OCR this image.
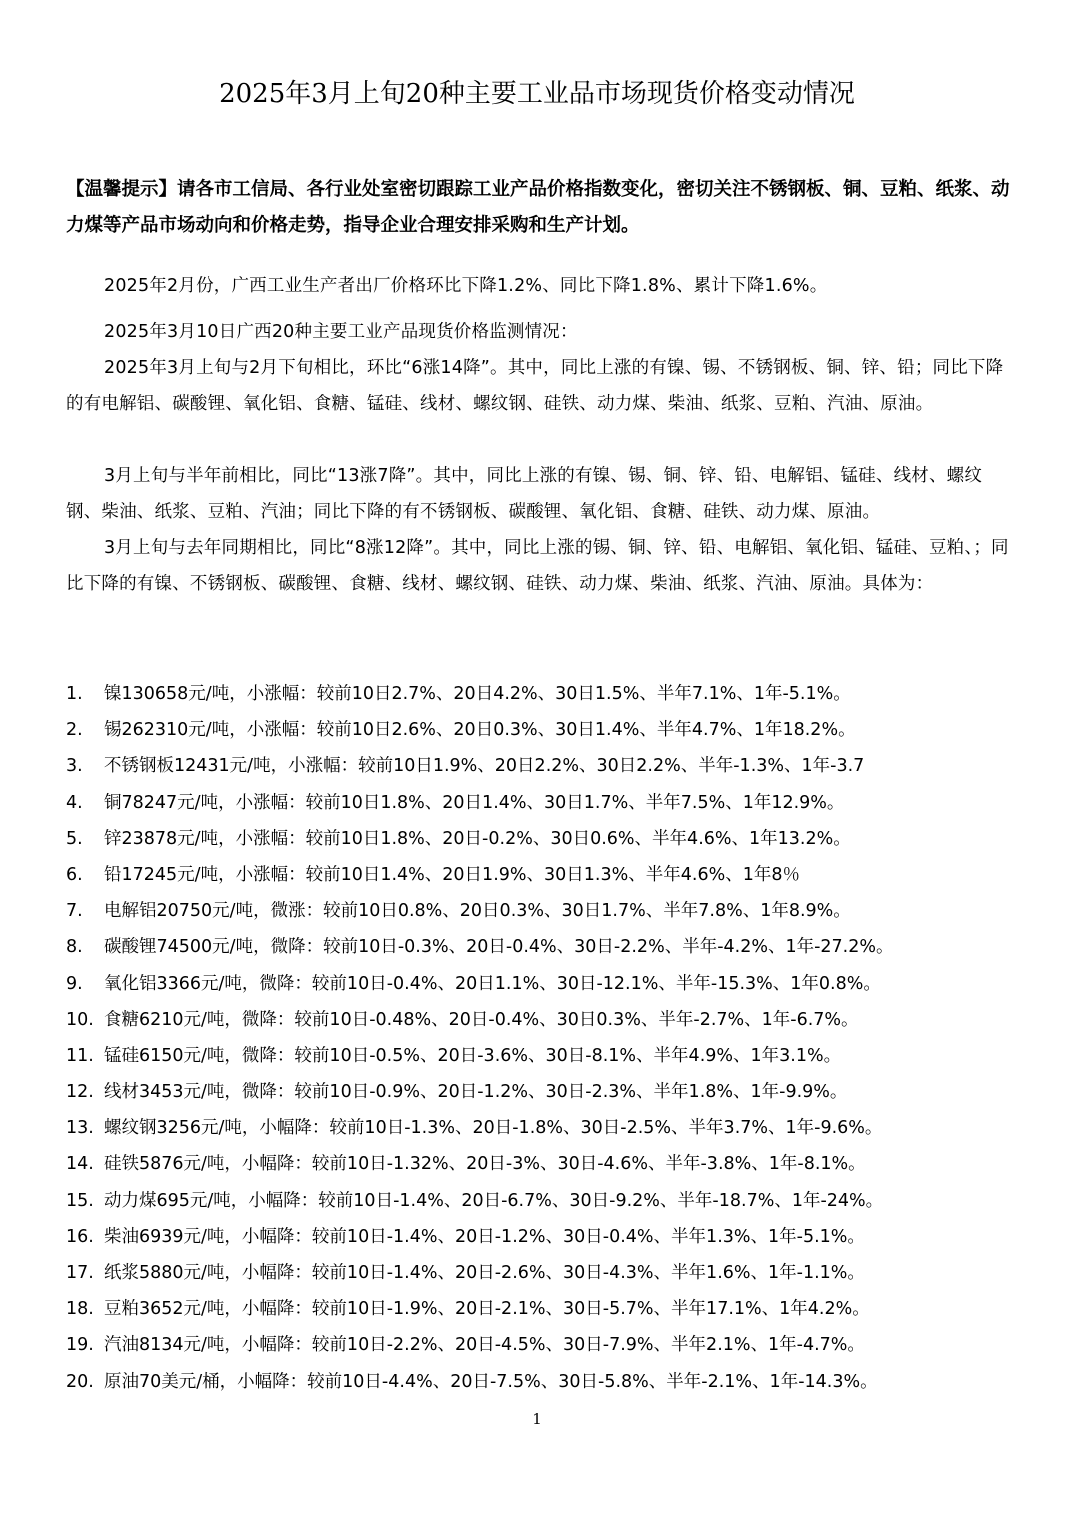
2025年3月上旬20种主要工业品市场现货价格变动情况
【温馨提示】请各市工信局、各行业处室密切跟踪工业产品价格指数变化，密切关注不锈钢板、铜、豆粕、纸浆、动力煤等产品市场动向和价格走势，指导企业合理安排采购和生产计划。

2025年2月份，广西工业生产者出厂价格环比下降1.2%、同比下降1.8%、累计下降1.6%。

2025年3月10日广西20种主要工业产品现货价格监测情况：

2025年3月上旬与2月下旬相比，环比“6涨14降”。其中，同比上涨的有镍、锡、不锈钢板、铜、锌、铅；同比下降的有电解铝、碳酸锂、氧化铝、食糖、锰硅、线材、螺纹钢、硅铁、动力煤、柴油、纸浆、豆粕、汽油、原油。

3月上旬与半年前相比，同比“13涨7降”。其中，同比上涨的有镍、锡、铜、锌、铅、电解铝、锰硅、线材、螺纹钢、柴油、纸浆、豆粕、汽油；同比下降的有不锈钢板、碳酸锂、氧化铝、食糖、硅铁、动力煤、原油。

3月上旬与去年同期相比，同比“8涨12降”。其中，同比上涨的锡、铜、锌、铅、电解铝、氧化铝、锰硅、豆粕、；同比下降的有镍、不锈钢板、碳酸锂、食糖、线材、螺纹钢、硅铁、动力煤、柴油、纸浆、汽油、原油。具体为：

1. 镍130658元/吨，小涨幅：较前10日2.7%、20日4.2%、30日1.5%、半年7.1%、1年-5.1%。
2. 锡262310元/吨，小涨幅：较前10日2.6%、20日0.3%、30日1.4%、半年4.7%、1年18.2%。
3. 不锈钢板12431元/吨，小涨幅：较前10日1.9%、20日2.2%、30日2.2%、半年-1.3%、1年-3.7
4. 铜78247元/吨，小涨幅：较前10日1.8%、20日1.4%、30日1.7%、半年7.5%、1年12.9%。
5. 锌23878元/吨，小涨幅：较前10日1.8%、20日-0.2%、30日0.6%、半年4.6%、1年13.2%。
6. 铅17245元/吨，小涨幅：较前10日1.4%、20日1.9%、30日1.3%、半年4.6%、1年8％
7. 电解铝20750元/吨，微涨：较前10日0.8%、20日0.3%、30日1.7%、半年7.8%、1年8.9%。
8. 碳酸锂74500元/吨，微降：较前10日-0.3%、20日-0.4%、30日-2.2%、半年-4.2%、1年-27.2%。
9. 氧化铝3366元/吨，微降：较前10日-0.4%、20日1.1%、30日-12.1%、半年-15.3%、1年0.8%。
10. 食糖6210元/吨，微降：较前10日-0.48%、20日-0.4%、30日0.3%、半年-2.7%、1年-6.7%。
11. 锰硅6150元/吨，微降：较前10日-0.5%、20日-3.6%、30日-8.1%、半年4.9%、1年3.1%。
12. 线材3453元/吨，微降：较前10日-0.9%、20日-1.2%、30日-2.3%、半年1.8%、1年-9.9%。
13. 螺纹钢3256元/吨，小幅降：较前10日-1.3%、20日-1.8%、30日-2.5%、半年3.7%、1年-9.6%。
14. 硅铁5876元/吨，小幅降：较前10日-1.32%、20日-3%、30日-4.6%、半年-3.8%、1年-8.1%。
15. 动力煤695元/吨，小幅降：较前10日-1.4%、20日-6.7%、30日-9.2%、半年-18.7%、1年-24%。
16. 柴油6939元/吨，小幅降：较前10日-1.4%、20日-1.2%、30日-0.4%、半年1.3%、1年-5.1%。
17. 纸浆5880元/吨，小幅降：较前10日-1.4%、20日-2.6%、30日-4.3%、半年1.6%、1年-1.1%。
18. 豆粕3652元/吨，小幅降：较前10日-1.9%、20日-2.1%、30日-5.7%、半年17.1%、1年4.2%。
19. 汽油8134元/吨，小幅降：较前10日-2.2%、20日-4.5%、30日-7.9%、半年2.1%、1年-4.7%。
20. 原油70美元/桶，小幅降：较前10日-4.4%、20日-7.5%、30日-5.8%、半年-2.1%、1年-14.3%。
1
